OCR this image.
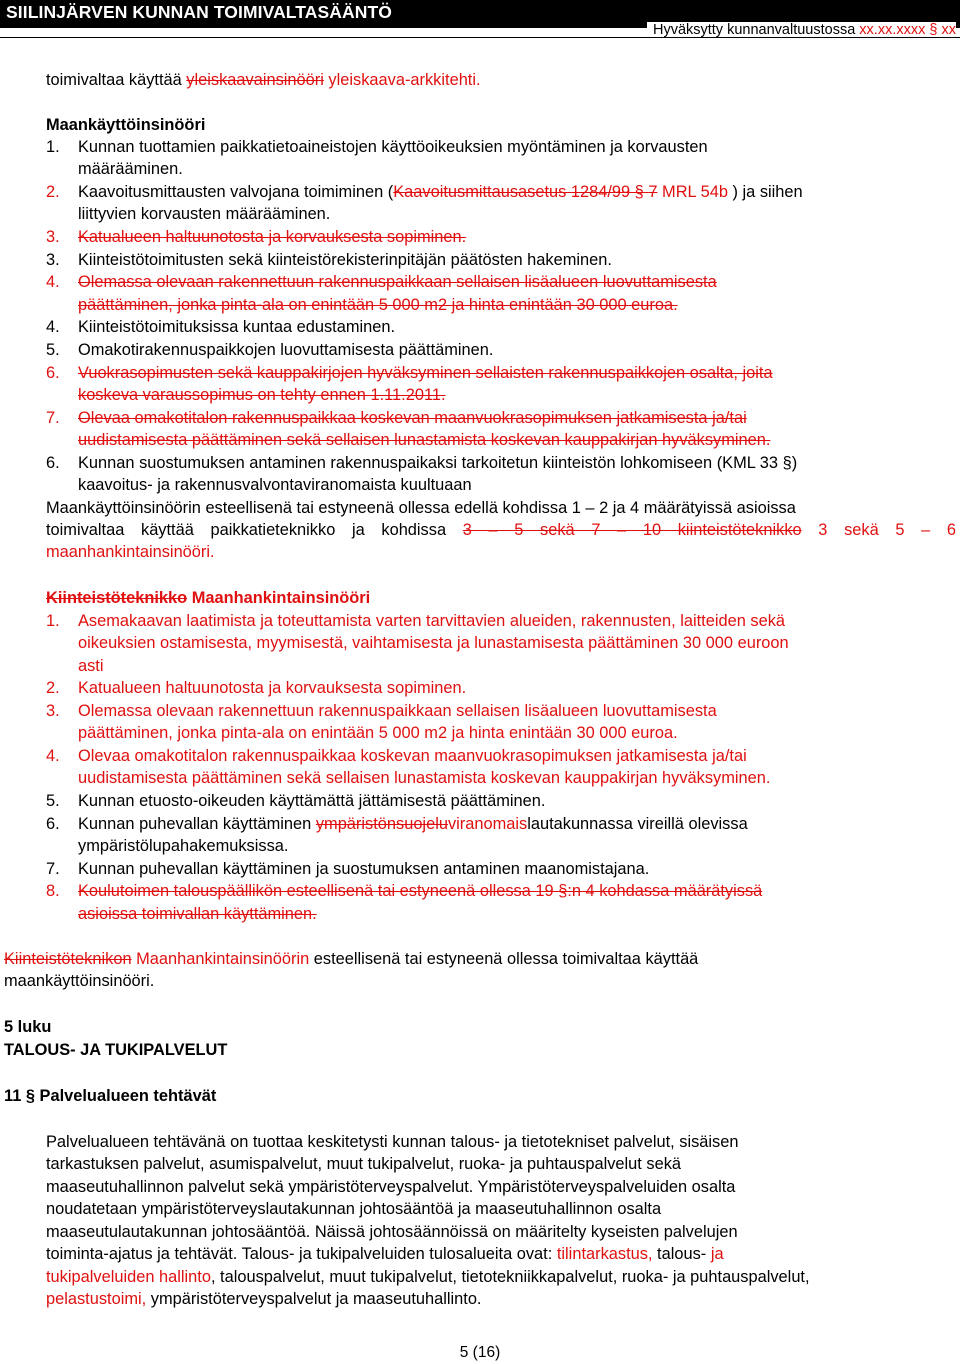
SIILINJÄRVEN KUNNAN TOIMIVALTASÄÄNTÖ
Hyväksytty kunnanvaltuustossa xx.xx.xxxx § xx
toimivaltaa käyttää yleiskaavainsinööri yleiskaava-arkkitehti.
Maankäyttöinsinööri
1. Kunnan tuottamien paikkatietoaineistojen käyttöoikeuksien myöntäminen ja korvausten
määrääminen.
2. Kaavoitusmittausten valvojana toimiminen (Kaavoitusmittausasetus 1284/99 § 7 MRL 54b ) ja siihen
liittyvien korvausten määrääminen.
3. Katualueen haltuunotosta ja korvauksesta sopiminen.
3. Kiinteistötoimitusten sekä kiinteistörekisterinpitäjän päätösten hakeminen.
4. Olemassa olevaan rakennettuun rakennuspaikkaan sellaisen lisäalueen luovuttamisesta
päättäminen, jonka pinta-ala on enintään 5 000 m2 ja hinta enintään 30 000 euroa.
4. Kiinteistötoimituksissa kuntaa edustaminen.
5. Omakotirakennuspaikkojen luovuttamisesta päättäminen.
6. Vuokrasopimusten sekä kauppakirjojen hyväksyminen sellaisten rakennuspaikkojen osalta, joita
koskeva varaussopimus on tehty ennen 1.11.2011.
7. Olevaa omakotitalon rakennuspaikkaa koskevan maanvuokrasopimuksen jatkamisesta ja/tai
uudistamisesta päättäminen sekä sellaisen lunastamista koskevan kauppakirjan hyväksyminen.
6. Kunnan suostumuksen antaminen rakennuspaikaksi tarkoitetun kiinteistön lohkomiseen (KML 33 §)
kaavoitus- ja rakennusvalvontaviranomaista kuultuaan
Maankäyttöinsinöörin esteellisenä tai estyneenä ollessa edellä kohdissa 1 – 2 ja 4 määrätyissä asioissa
toimivaltaa käyttää paikkatieteknikko ja kohdissa 3 – 5 sekä 7 – 10 kiinteistöteknikko 3 sekä 5 – 6
maanhankintainsinööri.
Kiinteistöteknikko Maanhankintainsinööri
1. Asemakaavan laatimista ja toteuttamista varten tarvittavien alueiden, rakennusten, laitteiden sekä
oikeuksien ostamisesta, myymisestä, vaihtamisesta ja lunastamisesta päättäminen 30 000 euroon
asti
2. Katualueen haltuunotosta ja korvauksesta sopiminen.
3. Olemassa olevaan rakennettuun rakennuspaikkaan sellaisen lisäalueen luovuttamisesta
päättäminen, jonka pinta-ala on enintään 5 000 m2 ja hinta enintään 30 000 euroa.
4. Olevaa omakotitalon rakennuspaikkaa koskevan maanvuokrasopimuksen jatkamisesta ja/tai
uudistamisesta päättäminen sekä sellaisen lunastamista koskevan kauppakirjan hyväksyminen.
5. Kunnan etuosto-oikeuden käyttämättä jättämisestä päättäminen.
6. Kunnan puhevallan käyttäminen ympäristönsuojeluviranomaislautakunnassa vireillä olevissa
ympäristölupahakemuksissa.
7. Kunnan puhevallan käyttäminen ja suostumuksen antaminen maanomistajana.
8. Koulutoimen talouspäällikön esteellisenä tai estyneenä ollessa 19 §:n 4 kohdassa määrätyissä
asioissa toimivallan käyttäminen.
Kiinteistöteknikon Maanhankintainsinöörin esteellisenä tai estyneenä ollessa toimivaltaa käyttää
maankäyttöinsinööri.
5 luku
TALOUS- JA TUKIPALVELUT
11 § Palvelualueen tehtävät
Palvelualueen tehtävänä on tuottaa keskitetysti kunnan talous- ja tietotekniset palvelut, sisäisen
tarkastuksen palvelut, asumispalvelut, muut tukipalvelut, ruoka- ja puhtauspalvelut sekä
maaseutuhallinnon palvelut sekä ympäristöterveyspalvelut. Ympäristöterveyspalveluiden osalta
noudatetaan ympäristöterveyslautakunnan johtosääntöä ja maaseutuhallinnon osalta
maaseutulautakunnan johtosääntöä. Näissä johtosäännöissä on määritelty kyseisten palvelujen
toiminta-ajatus ja tehtävät. Talous- ja tukipalveluiden tulosalueita ovat: tilintarkastus, talous- ja
tukipalveluiden hallinto, talouspalvelut, muut tukipalvelut, tietotekniikkapalvelut, ruoka- ja puhtauspalvelut,
pelastustoimi, ympäristöterveyspalvelut ja maaseutuhallinto.
5 (16)
